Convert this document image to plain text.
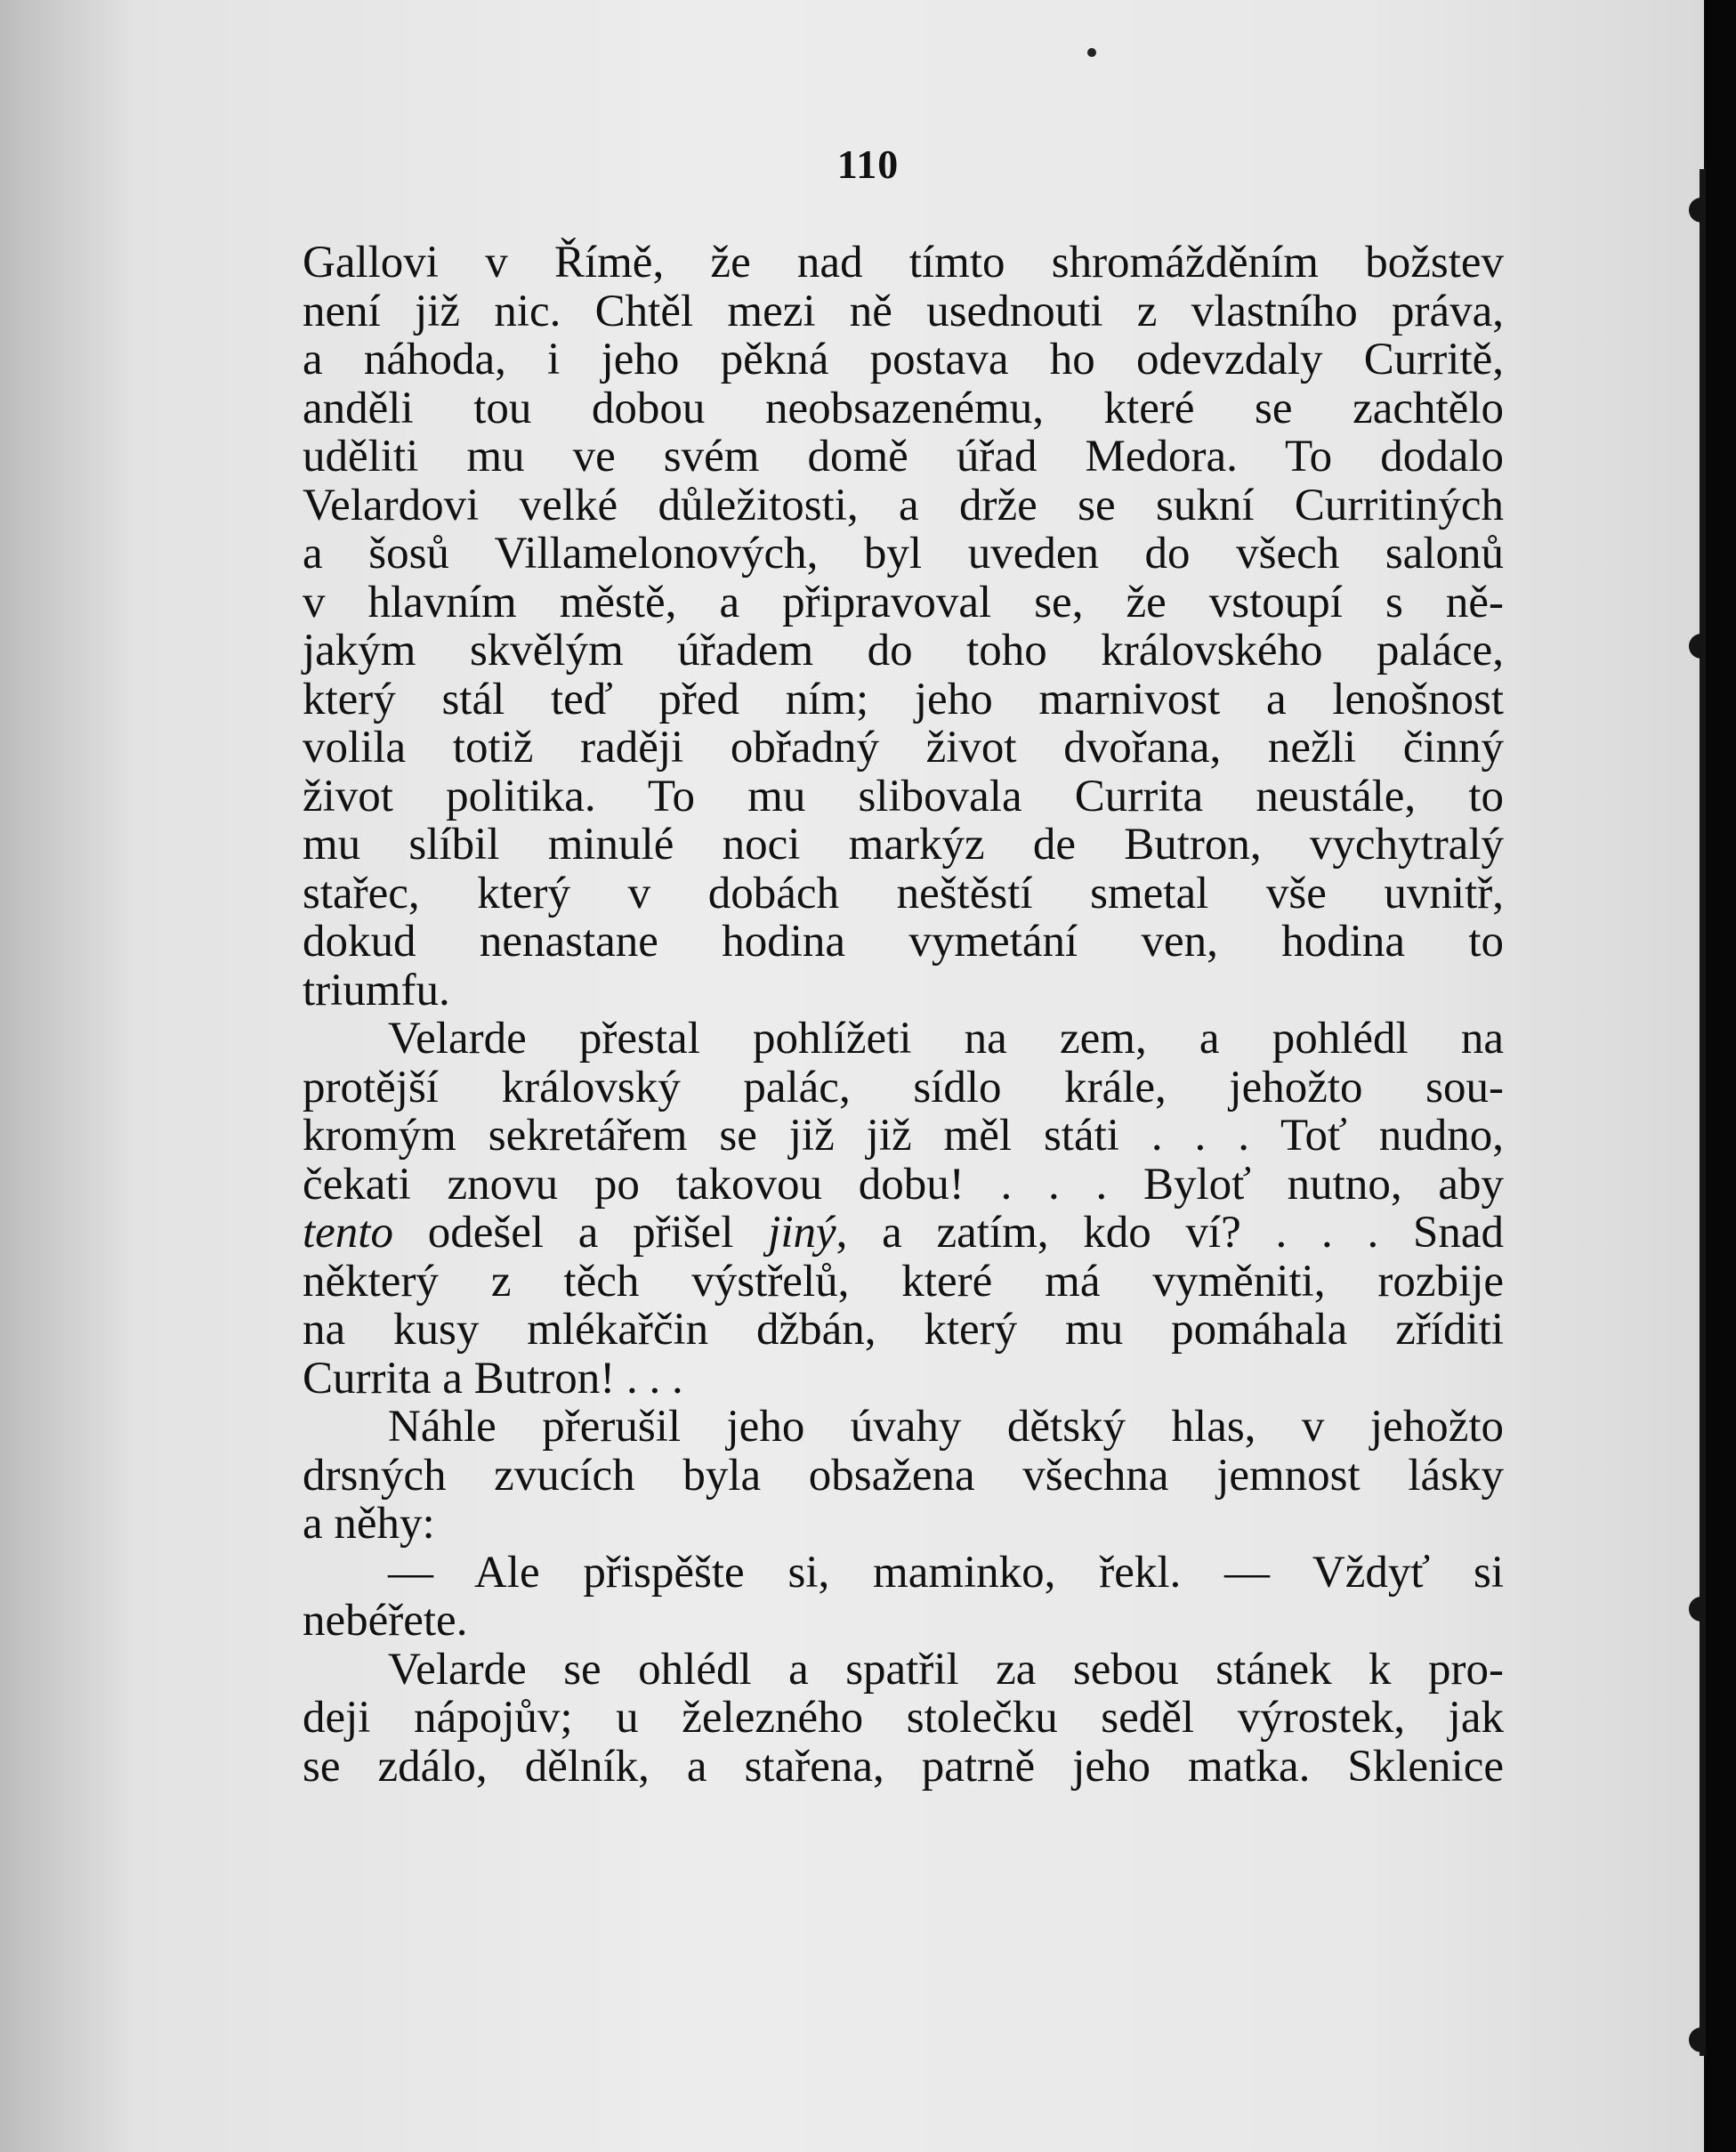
110
Gallovi v Římě, že nad tímto shromážděním božstev
není již nic. Chtěl mezi ně usednouti z vlastního práva,
a náhoda, i jeho pěkná postava ho odevzdaly Curritě,
anděli tou dobou neobsazenému, které se zachtělo
uděliti mu ve svém domě úřad Medora. To dodalo
Velardovi velké důležitosti, a drže se sukní Curritiných
a šosů Villamelonových, byl uveden do všech salonů
v hlavním městě, a připravoval se, že vstoupí s ně-
jakým skvělým úřadem do toho královského paláce,
který stál teď před ním; jeho marnivost a lenošnost
volila totiž raději obřadný život dvořana, nežli činný
život politika. To mu slibovala Currita neustále, to
mu slíbil minulé noci markýz de Butron, vychytralý
stařec, který v dobách neštěstí smetal vše uvnitř,
dokud nenastane hodina vymetání ven, hodina to
triumfu.
Velarde přestal pohlížeti na zem, a pohlédl na
protější královský palác, sídlo krále, jehožto sou-
kromým sekretářem se již již měl státi . . . Toť nudno,
čekati znovu po takovou dobu! . . . Byloť nutno, aby
tento odešel a přišel jiný, a zatím, kdo ví? . . . Snad
některý z těch výstřelů, které má vyměniti, rozbije
na kusy mlékařčin džbán, který mu pomáhala zříditi
Currita a Butron! . . .
Náhle přerušil jeho úvahy dětský hlas, v jehožto
drsných zvucích byla obsažena všechna jemnost lásky
a něhy:
— Ale přispěšte si, maminko, řekl. — Vždyť si
nebéřete.
Velarde se ohlédl a spatřil za sebou stánek k pro-
deji nápojův; u železného stolečku seděl výrostek, jak
se zdálo, dělník, a stařena, patrně jeho matka. Sklenice
